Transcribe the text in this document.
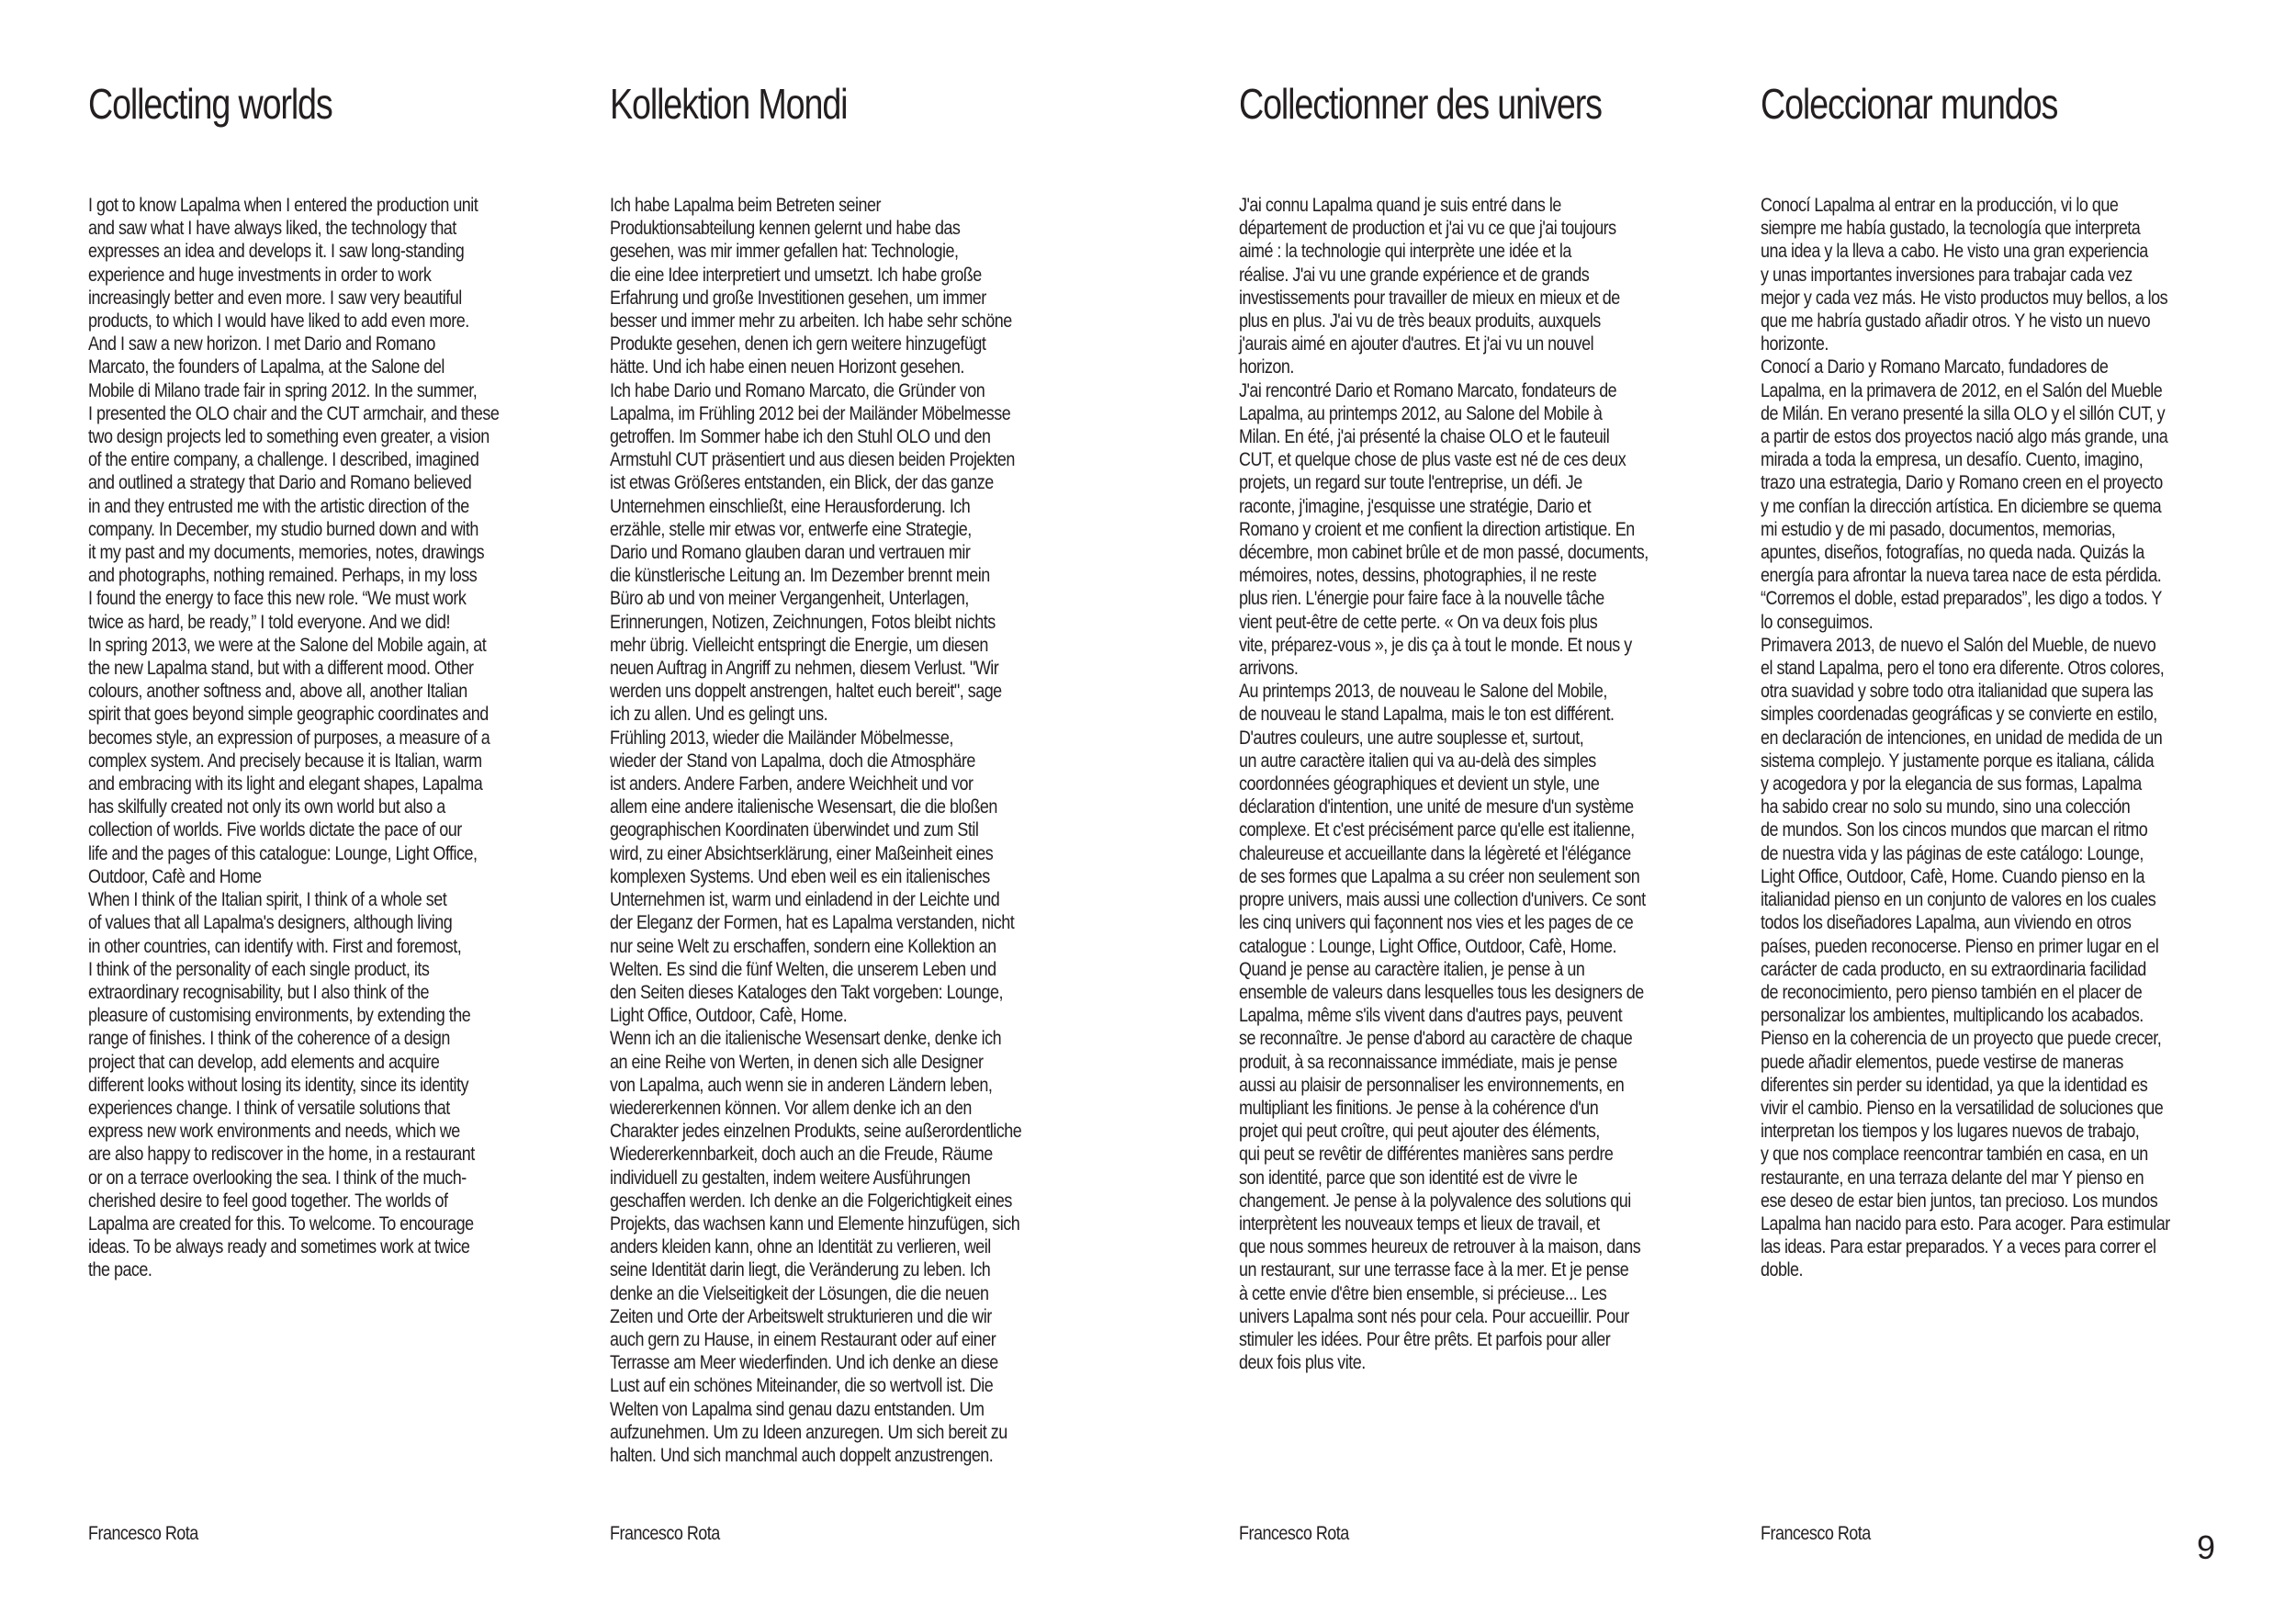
Collecting worlds

I got to know Lapalma when I entered the production unit
and saw what I have always liked, the technology that
expresses an idea and develops it. I saw long-standing
experience and huge investments in order to work
increasingly better and even more. I saw very beautiful
products, to which I would have liked to add even more.
And I saw a new horizon. I met Dario and Romano
Marcato, the founders of Lapalma, at the Salone del
Mobile di Milano trade fair in spring 2012. In the summer,
I presented the OLO chair and the CUT armchair, and these
two design projects led to something even greater, a vision
of the entire company, a challenge. I described, imagined
and outlined a strategy that Dario and Romano believed
in and they entrusted me with the artistic direction of the
company. In December, my studio burned down and with
it my past and my documents, memories, notes, drawings
and photographs, nothing remained. Perhaps, in my loss
I found the energy to face this new role. “We must work
twice as hard, be ready,” I told everyone. And we did!
In spring 2013, we were at the Salone del Mobile again, at
the new Lapalma stand, but with a different mood. Other
colours, another softness and, above all, another Italian
spirit that goes beyond simple geographic coordinates and
becomes style, an expression of purposes, a measure of a
complex system. And precisely because it is Italian, warm
and embracing with its light and elegant shapes, Lapalma
has skilfully created not only its own world but also a
collection of worlds. Five worlds dictate the pace of our
life and the pages of this catalogue: Lounge, Light Office,
Outdoor, Cafè and Home
When I think of the Italian spirit, I think of a whole set
of values that all Lapalma's designers, although living
in other countries, can identify with. First and foremost,
I think of the personality of each single product, its
extraordinary recognisability, but I also think of the
pleasure of customising environments, by extending the
range of finishes. I think of the coherence of a design
project that can develop, add elements and acquire
different looks without losing its identity, since its identity
experiences change. I think of versatile solutions that
express new work environments and needs, which we
are also happy to rediscover in the home, in a restaurant
or on a terrace overlooking the sea. I think of the much-
cherished desire to feel good together. The worlds of
Lapalma are created for this. To welcome. To encourage
ideas. To be always ready and sometimes work at twice
the pace.

Francesco Rota

Kollektion Mondi

Ich habe Lapalma beim Betreten seiner
Produktionsabteilung kennen gelernt und habe das
gesehen, was mir immer gefallen hat: Technologie,
die eine Idee interpretiert und umsetzt. Ich habe große
Erfahrung und große Investitionen gesehen, um immer
besser und immer mehr zu arbeiten. Ich habe sehr schöne
Produkte gesehen, denen ich gern weitere hinzugefügt
hätte. Und ich habe einen neuen Horizont gesehen.
Ich habe Dario und Romano Marcato, die Gründer von
Lapalma, im Frühling 2012 bei der Mailänder Möbelmesse
getroffen. Im Sommer habe ich den Stuhl OLO und den
Armstuhl CUT präsentiert und aus diesen beiden Projekten
ist etwas Größeres entstanden, ein Blick, der das ganze
Unternehmen einschließt, eine Herausforderung. Ich
erzähle, stelle mir etwas vor, entwerfe eine Strategie,
Dario und Romano glauben daran und vertrauen mir
die künstlerische Leitung an. Im Dezember brennt mein
Büro ab und von meiner Vergangenheit, Unterlagen,
Erinnerungen, Notizen, Zeichnungen, Fotos bleibt nichts
mehr übrig. Vielleicht entspringt die Energie, um diesen
neuen Auftrag in Angriff zu nehmen, diesem Verlust. "Wir
werden uns doppelt anstrengen, haltet euch bereit", sage
ich zu allen. Und es gelingt uns.
Frühling 2013, wieder die Mailänder Möbelmesse,
wieder der Stand von Lapalma, doch die Atmosphäre
ist anders. Andere Farben, andere Weichheit und vor
allem eine andere italienische Wesensart, die die bloßen
geographischen Koordinaten überwindet und zum Stil
wird, zu einer Absichtserklärung, einer Maßeinheit eines
komplexen Systems. Und eben weil es ein italienisches
Unternehmen ist, warm und einladend in der Leichte und
der Eleganz der Formen, hat es Lapalma verstanden, nicht
nur seine Welt zu erschaffen, sondern eine Kollektion an
Welten. Es sind die fünf Welten, die unserem Leben und
den Seiten dieses Kataloges den Takt vorgeben: Lounge,
Light Office, Outdoor, Cafè, Home.
Wenn ich an die italienische Wesensart denke, denke ich
an eine Reihe von Werten, in denen sich alle Designer
von Lapalma, auch wenn sie in anderen Ländern leben,
wiedererkennen können. Vor allem denke ich an den
Charakter jedes einzelnen Produkts, seine außerordentliche
Wiedererkennbarkeit, doch auch an die Freude, Räume
individuell zu gestalten, indem weitere Ausführungen
geschaffen werden. Ich denke an die Folgerichtigkeit eines
Projekts, das wachsen kann und Elemente hinzufügen, sich
anders kleiden kann, ohne an Identität zu verlieren, weil
seine Identität darin liegt, die Veränderung zu leben. Ich
denke an die Vielseitigkeit der Lösungen, die die neuen
Zeiten und Orte der Arbeitswelt strukturieren und die wir
auch gern zu Hause, in einem Restaurant oder auf einer
Terrasse am Meer wiederfinden. Und ich denke an diese
Lust auf ein schönes Miteinander, die so wertvoll ist. Die
Welten von Lapalma sind genau dazu entstanden. Um
aufzunehmen. Um zu Ideen anzuregen. Um sich bereit zu
halten. Und sich manchmal auch doppelt anzustrengen.

Francesco Rota

Collectionner des univers

J'ai connu Lapalma quand je suis entré dans le
département de production et j'ai vu ce que j'ai toujours
aimé : la technologie qui interprète une idée et la
réalise. J'ai vu une grande expérience et de grands
investissements pour travailler de mieux en mieux et de
plus en plus. J'ai vu de très beaux produits, auxquels
j'aurais aimé en ajouter d'autres. Et j'ai vu un nouvel
horizon.
J'ai rencontré Dario et Romano Marcato, fondateurs de
Lapalma, au printemps 2012, au Salone del Mobile à
Milan. En été, j'ai présenté la chaise OLO et le fauteuil
CUT, et quelque chose de plus vaste est né de ces deux
projets, un regard sur toute l'entreprise, un défi. Je
raconte, j'imagine, j'esquisse une stratégie, Dario et
Romano y croient et me confient la direction artistique. En
décembre, mon cabinet brûle et de mon passé, documents,
mémoires, notes, dessins, photographies, il ne reste
plus rien. L'énergie pour faire face à la nouvelle tâche
vient peut-être de cette perte. « On va deux fois plus
vite, préparez-vous », je dis ça à tout le monde. Et nous y
arrivons.
Au printemps 2013, de nouveau le Salone del Mobile,
de nouveau le stand Lapalma, mais le ton est différent.
D'autres couleurs, une autre souplesse et, surtout,
un autre caractère italien qui va au-delà des simples
coordonnées géographiques et devient un style, une
déclaration d'intention, une unité de mesure d'un système
complexe. Et c'est précisément parce qu'elle est italienne,
chaleureuse et accueillante dans la légèreté et l'élégance
de ses formes que Lapalma a su créer non seulement son
propre univers, mais aussi une collection d'univers. Ce sont
les cinq univers qui façonnent nos vies et les pages de ce
catalogue : Lounge, Light Office, Outdoor, Cafè, Home.
Quand je pense au caractère italien, je pense à un
ensemble de valeurs dans lesquelles tous les designers de
Lapalma, même s'ils vivent dans d'autres pays, peuvent
se reconnaître. Je pense d'abord au caractère de chaque
produit, à sa reconnaissance immédiate, mais je pense
aussi au plaisir de personnaliser les environnements, en
multipliant les finitions. Je pense à la cohérence d'un
projet qui peut croître, qui peut ajouter des éléments,
qui peut se revêtir de différentes manières sans perdre
son identité, parce que son identité est de vivre le
changement. Je pense à la polyvalence des solutions qui
interprètent les nouveaux temps et lieux de travail, et
que nous sommes heureux de retrouver à la maison, dans
un restaurant, sur une terrasse face à la mer. Et je pense
à cette envie d'être bien ensemble, si précieuse... Les
univers Lapalma sont nés pour cela. Pour accueillir. Pour
stimuler les idées. Pour être prêts. Et parfois pour aller
deux fois plus vite.

Francesco Rota

Coleccionar mundos

Conocí Lapalma al entrar en la producción, vi lo que
siempre me había gustado, la tecnología que interpreta
una idea y la lleva a cabo. He visto una gran experiencia
y unas importantes inversiones para trabajar cada vez
mejor y cada vez más. He visto productos muy bellos, a los
que me habría gustado añadir otros. Y he visto un nuevo
horizonte.
Conocí a Dario y Romano Marcato, fundadores de
Lapalma, en la primavera de 2012, en el Salón del Mueble
de Milán. En verano presenté la silla OLO y el sillón CUT, y
a partir de estos dos proyectos nació algo más grande, una
mirada a toda la empresa, un desafío. Cuento, imagino,
trazo una estrategia, Dario y Romano creen en el proyecto
y me confían la dirección artística. En diciembre se quema
mi estudio y de mi pasado, documentos, memorias,
apuntes, diseños, fotografías, no queda nada. Quizás la
energía para afrontar la nueva tarea nace de esta pérdida.
“Corremos el doble, estad preparados”, les digo a todos. Y
lo conseguimos.
Primavera 2013, de nuevo el Salón del Mueble, de nuevo
el stand Lapalma, pero el tono era diferente. Otros colores,
otra suavidad y sobre todo otra italianidad que supera las
simples coordenadas geográficas y se convierte en estilo,
en declaración de intenciones, en unidad de medida de un
sistema complejo. Y justamente porque es italiana, cálida
y acogedora y por la elegancia de sus formas, Lapalma
ha sabido crear no solo su mundo, sino una colección
de mundos. Son los cincos mundos que marcan el ritmo
de nuestra vida y las páginas de este catálogo: Lounge,
Light Office, Outdoor, Cafè, Home. Cuando pienso en la
italianidad pienso en un conjunto de valores en los cuales
todos los diseñadores Lapalma, aun viviendo en otros
países, pueden reconocerse. Pienso en primer lugar en el
carácter de cada producto, en su extraordinaria facilidad
de reconocimiento, pero pienso también en el placer de
personalizar los ambientes, multiplicando los acabados.
Pienso en la coherencia de un proyecto que puede crecer,
puede añadir elementos, puede vestirse de maneras
diferentes sin perder su identidad, ya que la identidad es
vivir el cambio. Pienso en la versatilidad de soluciones que
interpretan los tiempos y los lugares nuevos de trabajo,
y que nos complace reencontrar también en casa, en un
restaurante, en una terraza delante del mar Y pienso en
ese deseo de estar bien juntos, tan precioso. Los mundos
Lapalma han nacido para esto. Para acoger. Para estimular
las ideas. Para estar preparados. Y a veces para correr el
doble.

Francesco Rota	9
